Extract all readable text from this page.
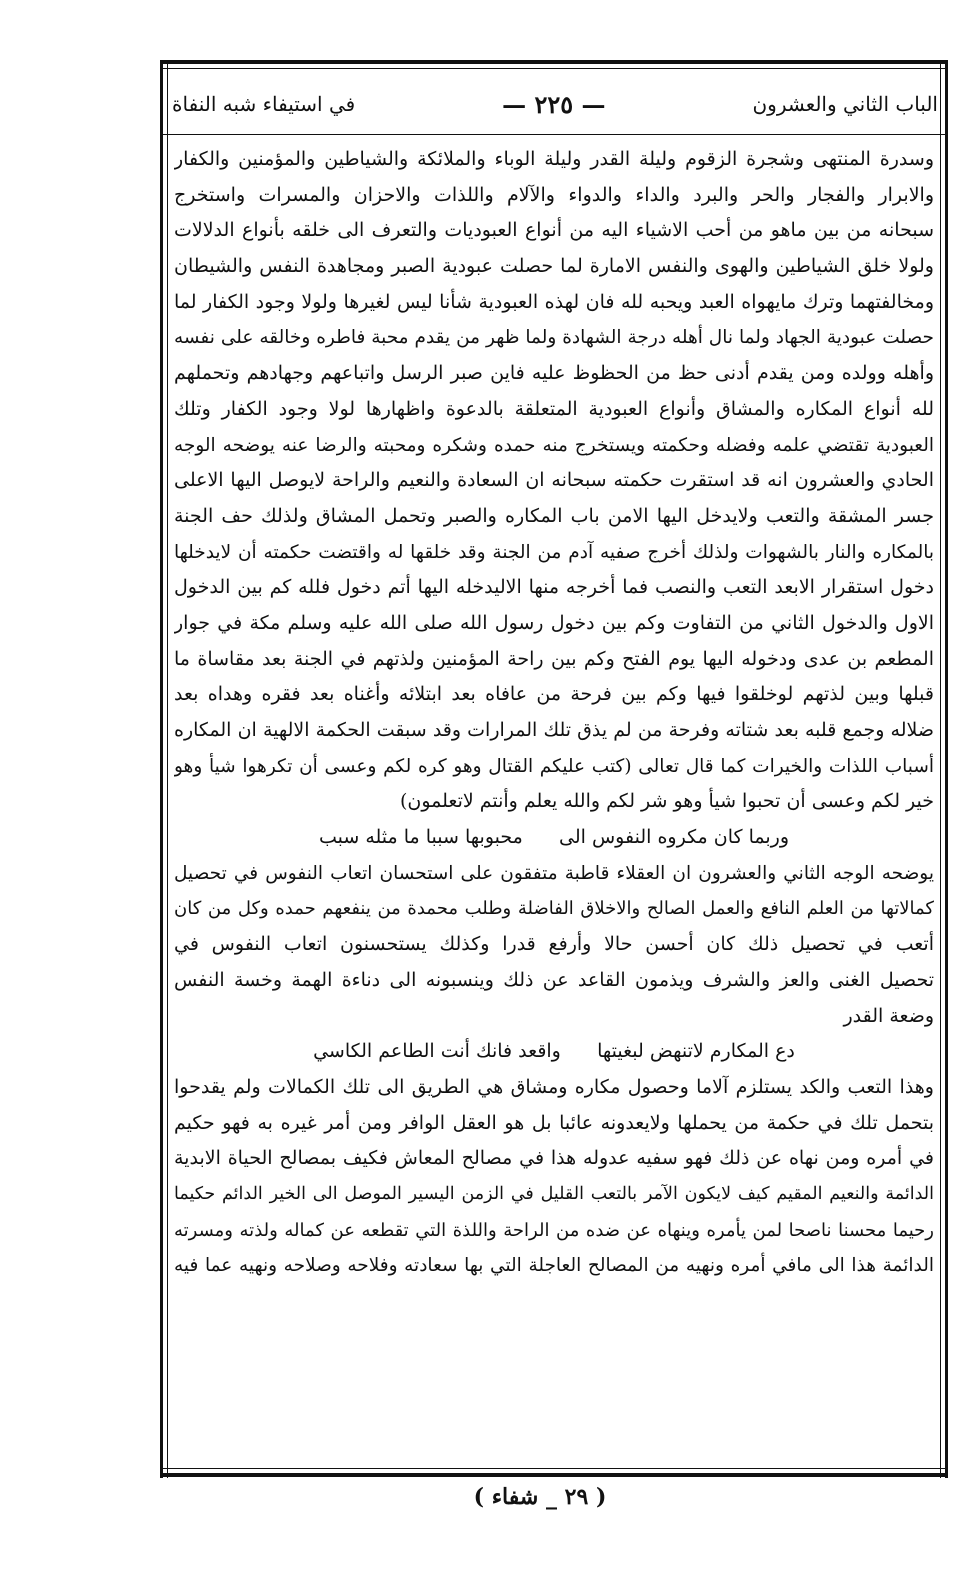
الباب الثاني والعشرون
— ٢٢٥ —
في استيفاء شبه النفاة
وسدرة المنتهى وشجرة الزقوم وليلة القدر وليلة الوباء والملائكة والشياطين والمؤمنين والكفار
والابرار والفجار والحر والبرد والداء والدواء والآلام واللذات والاحزان والمسرات واستخرج
سبحانه من بين ماهو من أحب الاشياء اليه من أنواع العبوديات والتعرف الى خلقه بأنواع الدلالات
ولولا خلق الشياطين والهوى والنفس الامارة لما حصلت عبودية الصبر ومجاهدة النفس والشيطان
ومخالفتهما وترك مايهواه العبد ويحبه لله فان لهذه العبودية شأنا ليس لغيرها ولولا وجود الكفار لما
حصلت عبودية الجهاد ولما نال أهله درجة الشهادة ولما ظهر من يقدم محبة فاطره وخالقه على نفسه
وأهله وولده ومن يقدم أدنى حظ من الحظوظ عليه فاين صبر الرسل واتباعهم وجهادهم وتحملهم
لله أنواع المكاره والمشاق وأنواع العبودية المتعلقة بالدعوة واظهارها لولا وجود الكفار وتلك
العبودية تقتضي علمه وفضله وحكمته ويستخرج منه حمده وشكره ومحبته والرضا عنه يوضحه الوجه
الحادي والعشرون انه قد استقرت حكمته سبحانه ان السعادة والنعيم والراحة لايوصل اليها الاعلى
جسر المشقة والتعب ولايدخل اليها الامن باب المكاره والصبر وتحمل المشاق ولذلك حف الجنة
بالمكاره والنار بالشهوات ولذلك أخرج صفيه آدم من الجنة وقد خلقها له واقتضت حكمته أن لايدخلها
دخول استقرار الابعد التعب والنصب فما أخرجه منها الاليدخله اليها أتم دخول فلله كم بين الدخول
الاول والدخول الثاني من التفاوت وكم بين دخول رسول الله صلى الله عليه وسلم مكة في جوار
المطعم بن عدى ودخوله اليها يوم الفتح وكم بين راحة المؤمنين ولذتهم في الجنة بعد مقاساة ما
قبلها وبين لذتهم لوخلقوا فيها وكم بين فرحة من عافاه بعد ابتلائه وأغناه بعد فقره وهداه بعد
ضلاله وجمع قلبه بعد شتاته وفرحة من لم يذق تلك المرارات وقد سبقت الحكمة الالهية ان المكاره
أسباب اللذات والخيرات كما قال تعالى (كتب عليكم القتال وهو كره لكم وعسى أن تكرهوا شيأ وهو
خير لكم وعسى أن تحبوا شيأ وهو شر لكم والله يعلم وأنتم لاتعلمون)
وربما كان مكروه النفوس الى      محبوبها سببا ما مثله سبب
يوضحه الوجه الثاني والعشرون ان العقلاء قاطبة متفقون على استحسان اتعاب النفوس في تحصيل
كمالاتها من العلم النافع والعمل الصالح والاخلاق الفاضلة وطلب محمدة من ينفعهم حمده وكل من كان
أتعب في تحصيل ذلك كان أحسن حالا وأرفع قدرا وكذلك يستحسنون اتعاب النفوس في
تحصيل الغنى والعز والشرف ويذمون القاعد عن ذلك وينسبونه الى دناءة الهمة وخسة النفس
وضعة القدر
دع المكارم لاتنهض لبغيتها      واقعد فانك أنت الطاعم الكاسي
وهذا التعب والكد يستلزم آلاما وحصول مكاره ومشاق هي الطريق الى تلك الكمالات ولم يقدحوا
بتحمل تلك في حكمة من يحملها ولايعدونه عائبا بل هو العقل الوافر ومن أمر غيره به فهو حكيم
في أمره ومن نهاه عن ذلك فهو سفيه عدوله هذا في مصالح المعاش فكيف بمصالح الحياة الابدية
الدائمة والنعيم المقيم كيف لايكون الآمر بالتعب القليل في الزمن اليسير الموصل الى الخير الدائم حكيما
رحيما محسنا ناصحا لمن يأمره وينهاه عن ضده من الراحة واللذة التي تقطعه عن كماله ولذته ومسرته
الدائمة هذا الى مافي أمره ونهيه من المصالح العاجلة التي بها سعادته وفلاحه وصلاحه ونهيه عما فيه
( ٢٩ _ شفاء )
